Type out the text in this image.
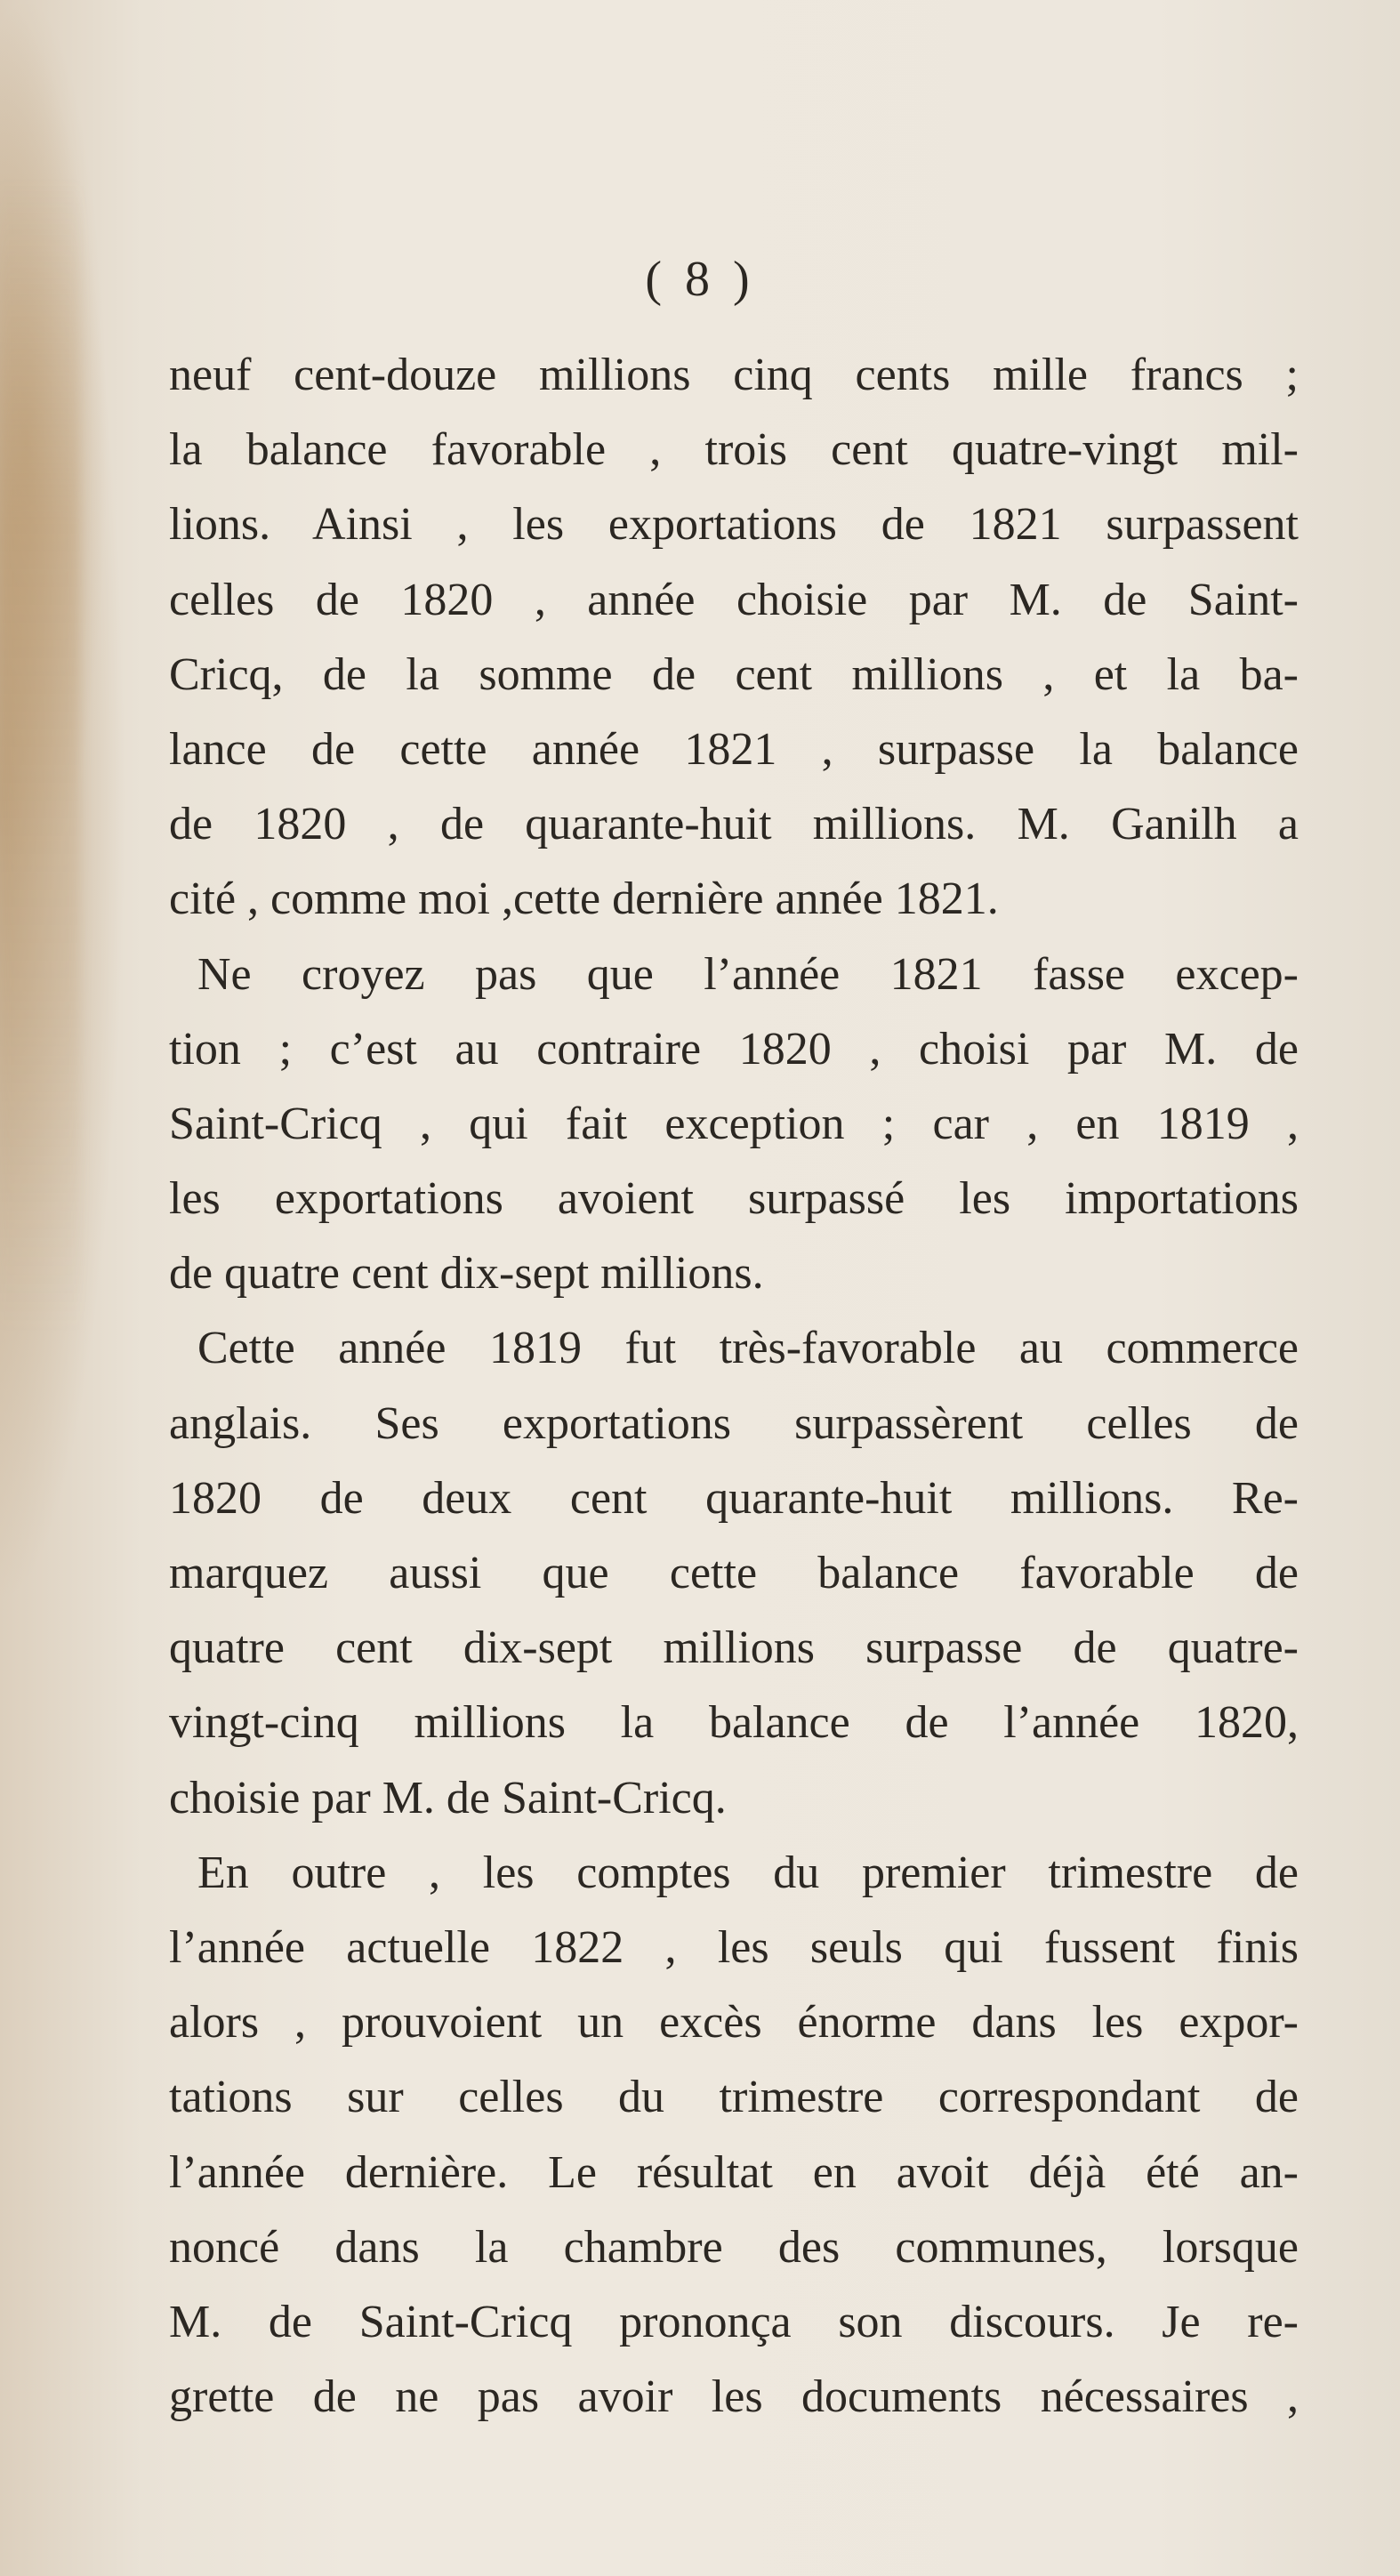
( 8 )
neuf cent-douze millions cinq cents mille francs ;
la balance favorable , trois cent quatre-vingt mil-
lions. Ainsi , les exportations de 1821 surpassent
celles de 1820 , année choisie par M. de Saint-
Cricq, de la somme de cent millions , et la ba-
lance de cette année 1821 , surpasse la balance
de 1820 , de quarante-huit millions. M. Ganilh a
cité , comme moi ,cette dernière année 1821.
Ne croyez pas que l’année 1821 fasse excep-
tion ; c’est au contraire 1820 , choisi par M. de
Saint-Cricq , qui fait exception ; car , en 1819 ,
les exportations avoient surpassé les importations
de quatre cent dix-sept millions.
Cette année 1819 fut très-favorable au commerce
anglais. Ses exportations surpassèrent celles de
1820 de deux cent quarante-huit millions. Re-
marquez aussi que cette balance favorable de
quatre cent dix-sept millions surpasse de quatre-
vingt-cinq millions la balance de l’année 1820,
choisie par M. de Saint-Cricq.
En outre , les comptes du premier trimestre de
l’année actuelle 1822 , les seuls qui fussent finis
alors , prouvoient un excès énorme dans les expor-
tations sur celles du trimestre correspondant de
l’année dernière. Le résultat en avoit déjà été an-
noncé dans la chambre des communes, lorsque
M. de Saint-Cricq prononça son discours. Je re-
grette de ne pas avoir les documents nécessaires ,
